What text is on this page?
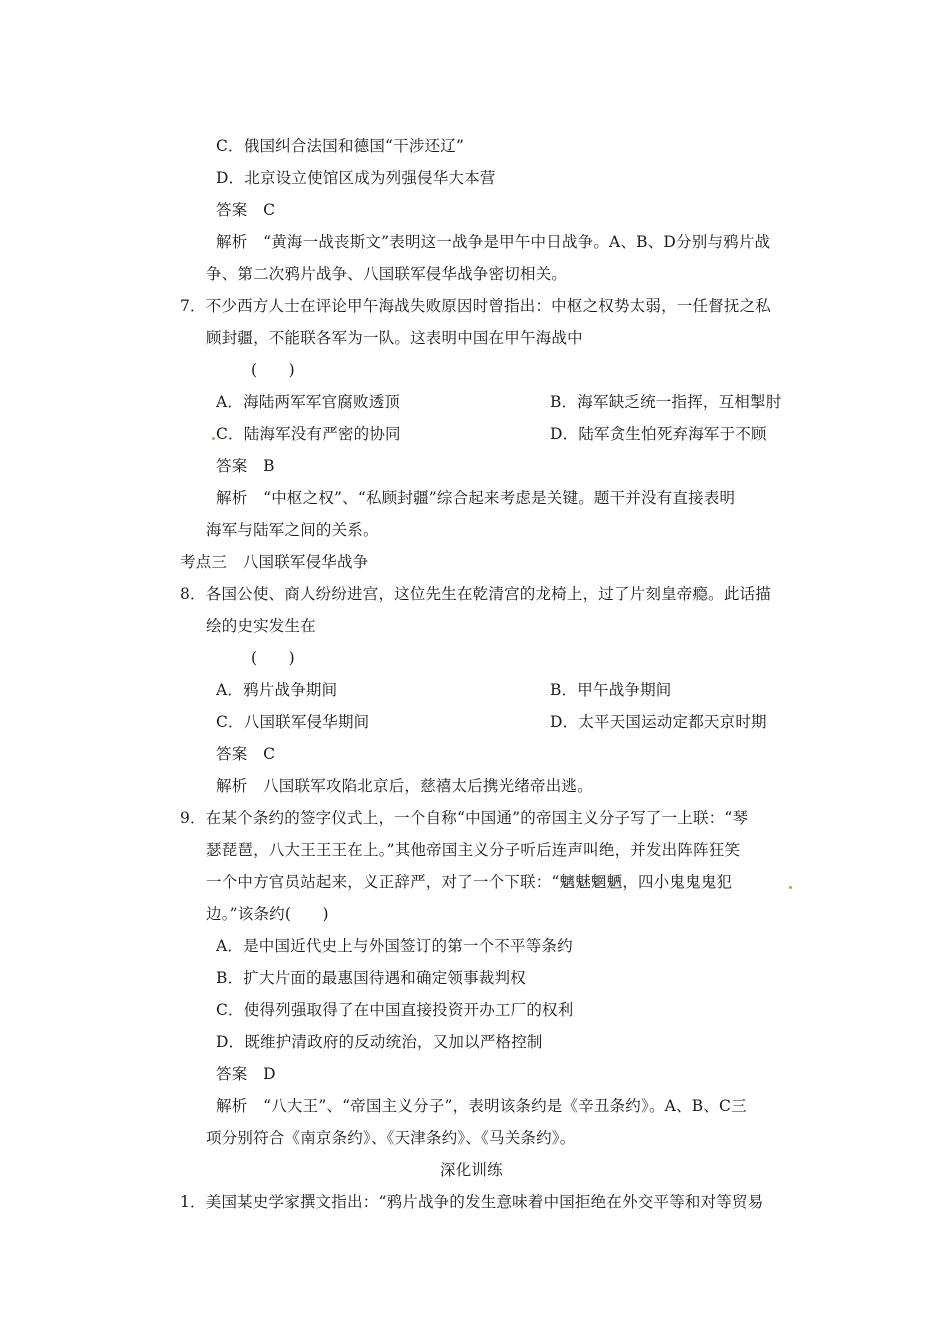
C．俄国纠合法国和德国“干涉还辽”
D．北京设立使馆区成为列强侵华大本营
答案　C
解析　“黄海一战丧斯文”表明这一战争是甲午中日战争。A、B、D分别与鸦片战
争、第二次鸦片战争、八国联军侵华战争密切相关。
7．不少西方人士在评论甲午海战失败原因时曾指出：中枢之权势太弱，一任督抚之私
顾封疆，不能联各军为一队。这表明中国在甲午海战中
(　　)
A．海陆两军军官腐败透顶	B．海军缺乏统一指挥，互相掣肘
C．陆海军没有严密的协同	D．陆军贪生怕死弃海军于不顾
答案　B
解析　“中枢之权”、“私顾封疆”综合起来考虑是关键。题干并没有直接表明
海军与陆军之间的关系。
考点三　八国联军侵华战争
8．各国公使、商人纷纷进宫，这位先生在乾清宫的龙椅上，过了片刻皇帝瘾。此话描
绘的史实发生在
(　　)
A．鸦片战争期间	B．甲午战争期间
C．八国联军侵华期间	D．太平天国运动定都天京时期
答案　C
解析　八国联军攻陷北京后，慈禧太后携光绪帝出逃。
9．在某个条约的签字仪式上，一个自称“中国通”的帝国主义分子写了一上联：“琴
瑟琵琶，八大王王王在上。”其他帝国主义分子听后连声叫绝，并发出阵阵狂笑
一个中方官员站起来，义正辞严，对了一个下联：“魑魅魍魉，四小鬼鬼鬼犯
边。”该条约(　　)
A．是中国近代史上与外国签订的第一个不平等条约
B．扩大片面的最惠国待遇和确定领事裁判权
C．使得列强取得了在中国直接投资开办工厂的权利
D．既维护清政府的反动统治，又加以严格控制
答案　D
解析　“八大王”、“帝国主义分子”，表明该条约是《辛丑条约》。A、B、C三
项分别符合《南京条约》、《天津条约》、《马关条约》。
深化训练
1．美国某史学家撰文指出：“鸦片战争的发生意味着中国拒绝在外交平等和对等贸易
